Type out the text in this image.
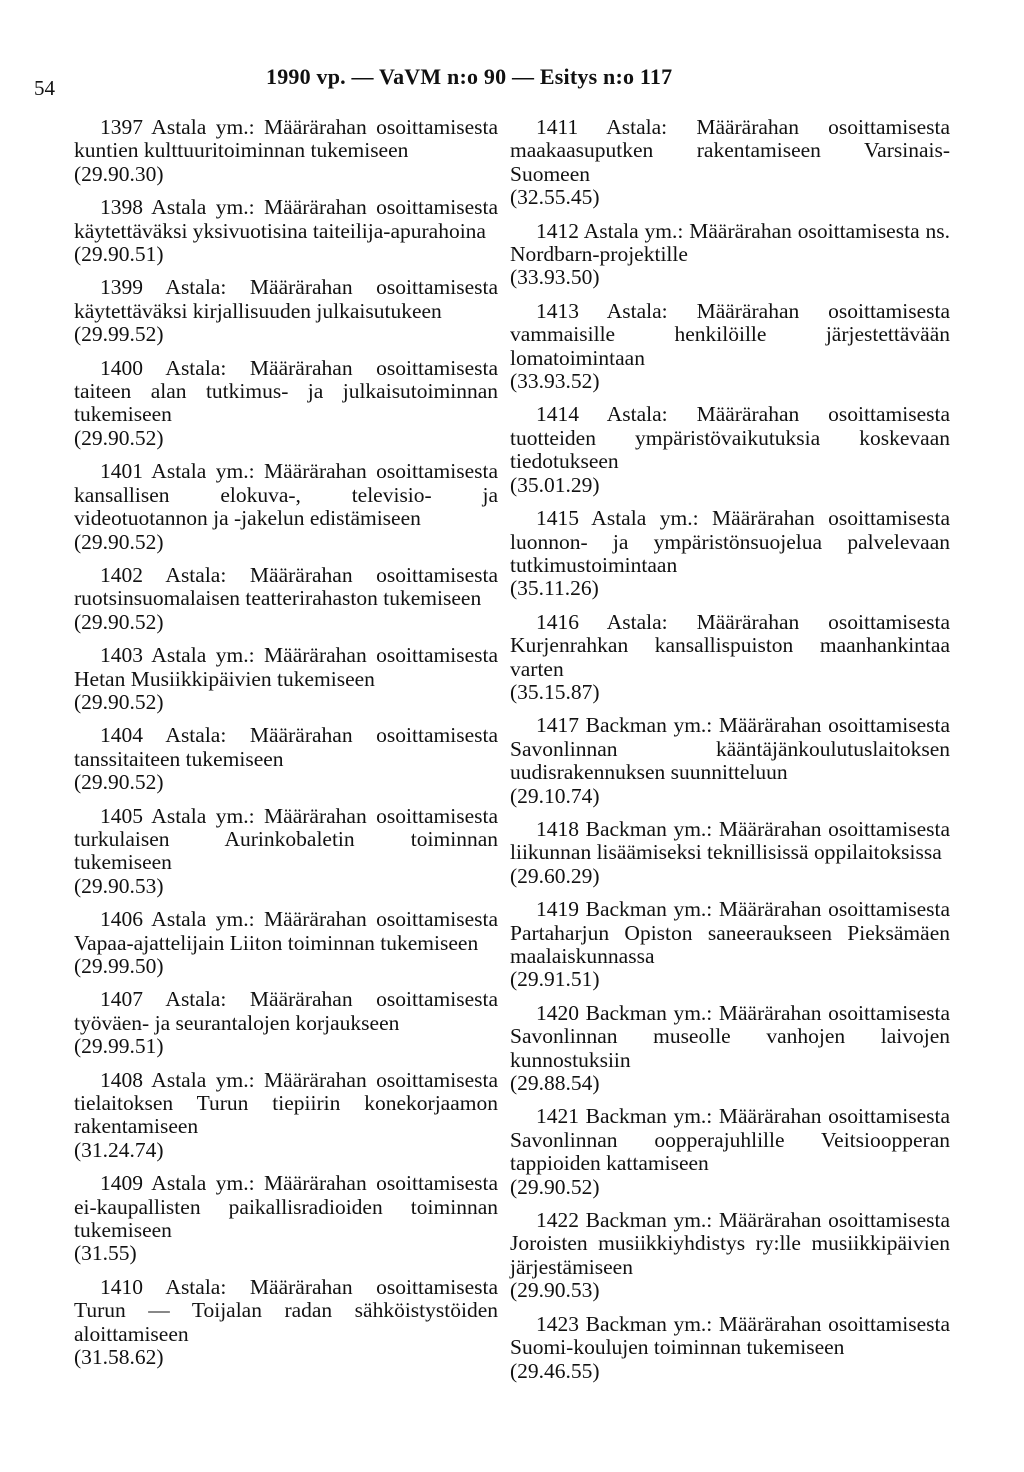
54	1990 vp. — VaVM n:o 90 — Esitys n:o 117

1397 Astala ym.: Määrärahan osoittamisesta kuntien kulttuuritoiminnan tukemiseen

(29.90.30)

1398 Astala ym.: Määrärahan osoittamisesta käytettäväksi yksivuotisina taiteilija-apurahoina

(29.90.51)

1399 Astala: Määrärahan osoittamisesta käytettäväksi kirjallisuuden julkaisutukeen

(29.99.52)

1400 Astala: Määrärahan osoittamisesta taiteen alan tutkimus- ja julkaisutoiminnan tukemiseen

(29.90.52)

1401 Astala ym.: Määrärahan osoittamisesta kansallisen elokuva-, televisio- ja videotuotannon ja -jakelun edistämiseen

(29.90.52)

1402 Astala: Määrärahan osoittamisesta ruotsinsuomalaisen teatterirahaston tukemiseen

(29.90.52)

1403 Astala ym.: Määrärahan osoittamisesta Hetan Musiikkipäivien tukemiseen

(29.90.52)

1404 Astala: Määrärahan osoittamisesta tanssitaiteen tukemiseen

(29.90.52)

1405 Astala ym.: Määrärahan osoittamisesta turkulaisen Aurinkobaletin toiminnan tukemiseen

(29.90.53)

1406 Astala ym.: Määrärahan osoittamisesta Vapaa-ajattelijain Liiton toiminnan tukemiseen

(29.99.50)

1407 Astala: Määrärahan osoittamisesta työväen- ja seurantalojen korjaukseen

(29.99.51)

1408 Astala ym.: Määrärahan osoittamisesta tielaitoksen Turun tiepiirin konekorjaamon rakentamiseen

(31.24.74)

1409 Astala ym.: Määrärahan osoittamisesta ei-kaupallisten paikallisradioiden toiminnan tukemiseen

(31.55)

1410 Astala: Määrärahan osoittamisesta Turun — Toijalan radan sähköistystöiden aloittamiseen

(31.58.62)

1411 Astala: Määrärahan osoittamisesta maakaasuputken rakentamiseen Varsinais-Suomeen

(32.55.45)

1412 Astala ym.: Määrärahan osoittamisesta ns. Nordbarn-projektille

(33.93.50)

1413 Astala: Määrärahan osoittamisesta vammaisille henkilöille järjestettävään lomatoimintaan

(33.93.52)

1414 Astala: Määrärahan osoittamisesta tuotteiden ympäristövaikutuksia koskevaan tiedotukseen

(35.01.29)

1415 Astala ym.: Määrärahan osoittamisesta luonnon- ja ympäristönsuojelua palvelevaan tutkimustoimintaan

(35.11.26)

1416 Astala: Määrärahan osoittamisesta Kurjenrahkan kansallispuiston maanhankintaa varten

(35.15.87)

1417 Backman ym.: Määrärahan osoittamisesta Savonlinnan kääntäjänkoulutuslaitoksen uudisrakennuksen suunnitteluun

(29.10.74)

1418 Backman ym.: Määrärahan osoittamisesta liikunnan lisäämiseksi teknillisissä oppilaitoksissa

(29.60.29)

1419 Backman ym.: Määrärahan osoittamisesta Partaharjun Opiston saneeraukseen Pieksämäen maalaiskunnassa

(29.91.51)

1420 Backman ym.: Määrärahan osoittamisesta Savonlinnan museolle vanhojen laivojen kunnostuksiin

(29.88.54)

1421 Backman ym.: Määrärahan osoittamisesta Savonlinnan oopperajuhlille Veitsioopperan tappioiden kattamiseen

(29.90.52)

1422 Backman ym.: Määrärahan osoittamisesta Joroisten musiikkiyhdistys ry:lle musiikkipäivien järjestämiseen

(29.90.53)

1423 Backman ym.: Määrärahan osoittamisesta Suomi-koulujen toiminnan tukemiseen

(29.46.55)
